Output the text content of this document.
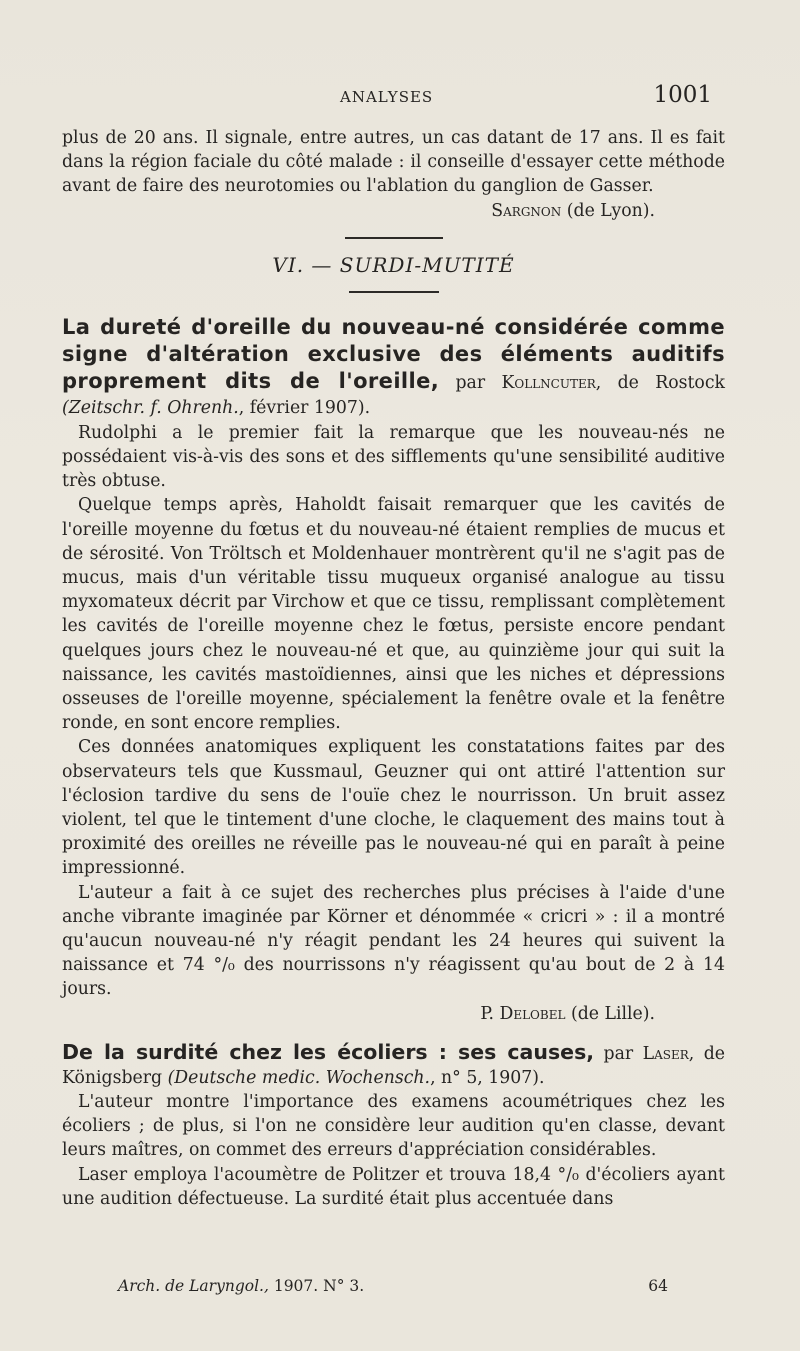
ANALYSES	1001

plus de 20 ans. Il signale, entre autres, un cas datant de 17 ans. Il es fait dans la région faciale du côté malade : il conseille d'essayer cette méthode avant de faire des neurotomies ou l'ablation du ganglion de Gasser.
Sargnon (de Lyon).

VI. — SURDI-MUTITÉ

La dureté d'oreille du nouveau-né considérée comme signe d'altération exclusive des éléments auditifs proprement dits de l'oreille, par Kollncuter, de Rostock (Zeitschr. f. Ohrenh., février 1907).

Rudolphi a le premier fait la remarque que les nouveau-nés ne possédaient vis-à-vis des sons et des sifflements qu'une sensibilité auditive très obtuse.

Quelque temps après, Haholdt faisait remarquer que les cavités de l'oreille moyenne du fœtus et du nouveau-né étaient remplies de mucus et de sérosité. Von Tröltsch et Moldenhauer montrèrent qu'il ne s'agit pas de mucus, mais d'un véritable tissu muqueux organisé analogue au tissu myxomateux décrit par Virchow et que ce tissu, remplissant complètement les cavités de l'oreille moyenne chez le fœtus, persiste encore pendant quelques jours chez le nouveau-né et que, au quinzième jour qui suit la naissance, les cavités mastoïdiennes, ainsi que les niches et dépressions osseuses de l'oreille moyenne, spécialement la fenêtre ovale et la fenêtre ronde, en sont encore remplies.

Ces données anatomiques expliquent les constatations faites par des observateurs tels que Kussmaul, Geuzner qui ont attiré l'attention sur l'éclosion tardive du sens de l'ouïe chez le nourrisson. Un bruit assez violent, tel que le tintement d'une cloche, le claquement des mains tout à proximité des oreilles ne réveille pas le nouveau-né qui en paraît à peine impressionné.

L'auteur a fait à ce sujet des recherches plus précises à l'aide d'une anche vibrante imaginée par Körner et dénommée « cricri » : il a montré qu'aucun nouveau-né n'y réagit pendant les 24 heures qui suivent la naissance et 74 °/₀ des nourrissons n'y réagissent qu'au bout de 2 à 14 jours.
P. Delobel (de Lille).

De la surdité chez les écoliers : ses causes, par Laser, de Königsberg (Deutsche medic. Wochensch., n° 5, 1907).

L'auteur montre l'importance des examens acoumétriques chez les écoliers ; de plus, si l'on ne considère leur audition qu'en classe, devant leurs maîtres, on commet des erreurs d'appréciation considérables.

Laser employa l'acoumètre de Politzer et trouva 18,4 °/₀ d'écoliers ayant une audition défectueuse. La surdité était plus accentuée dans

Arch. de Laryngol., 1907. N° 3.	64
